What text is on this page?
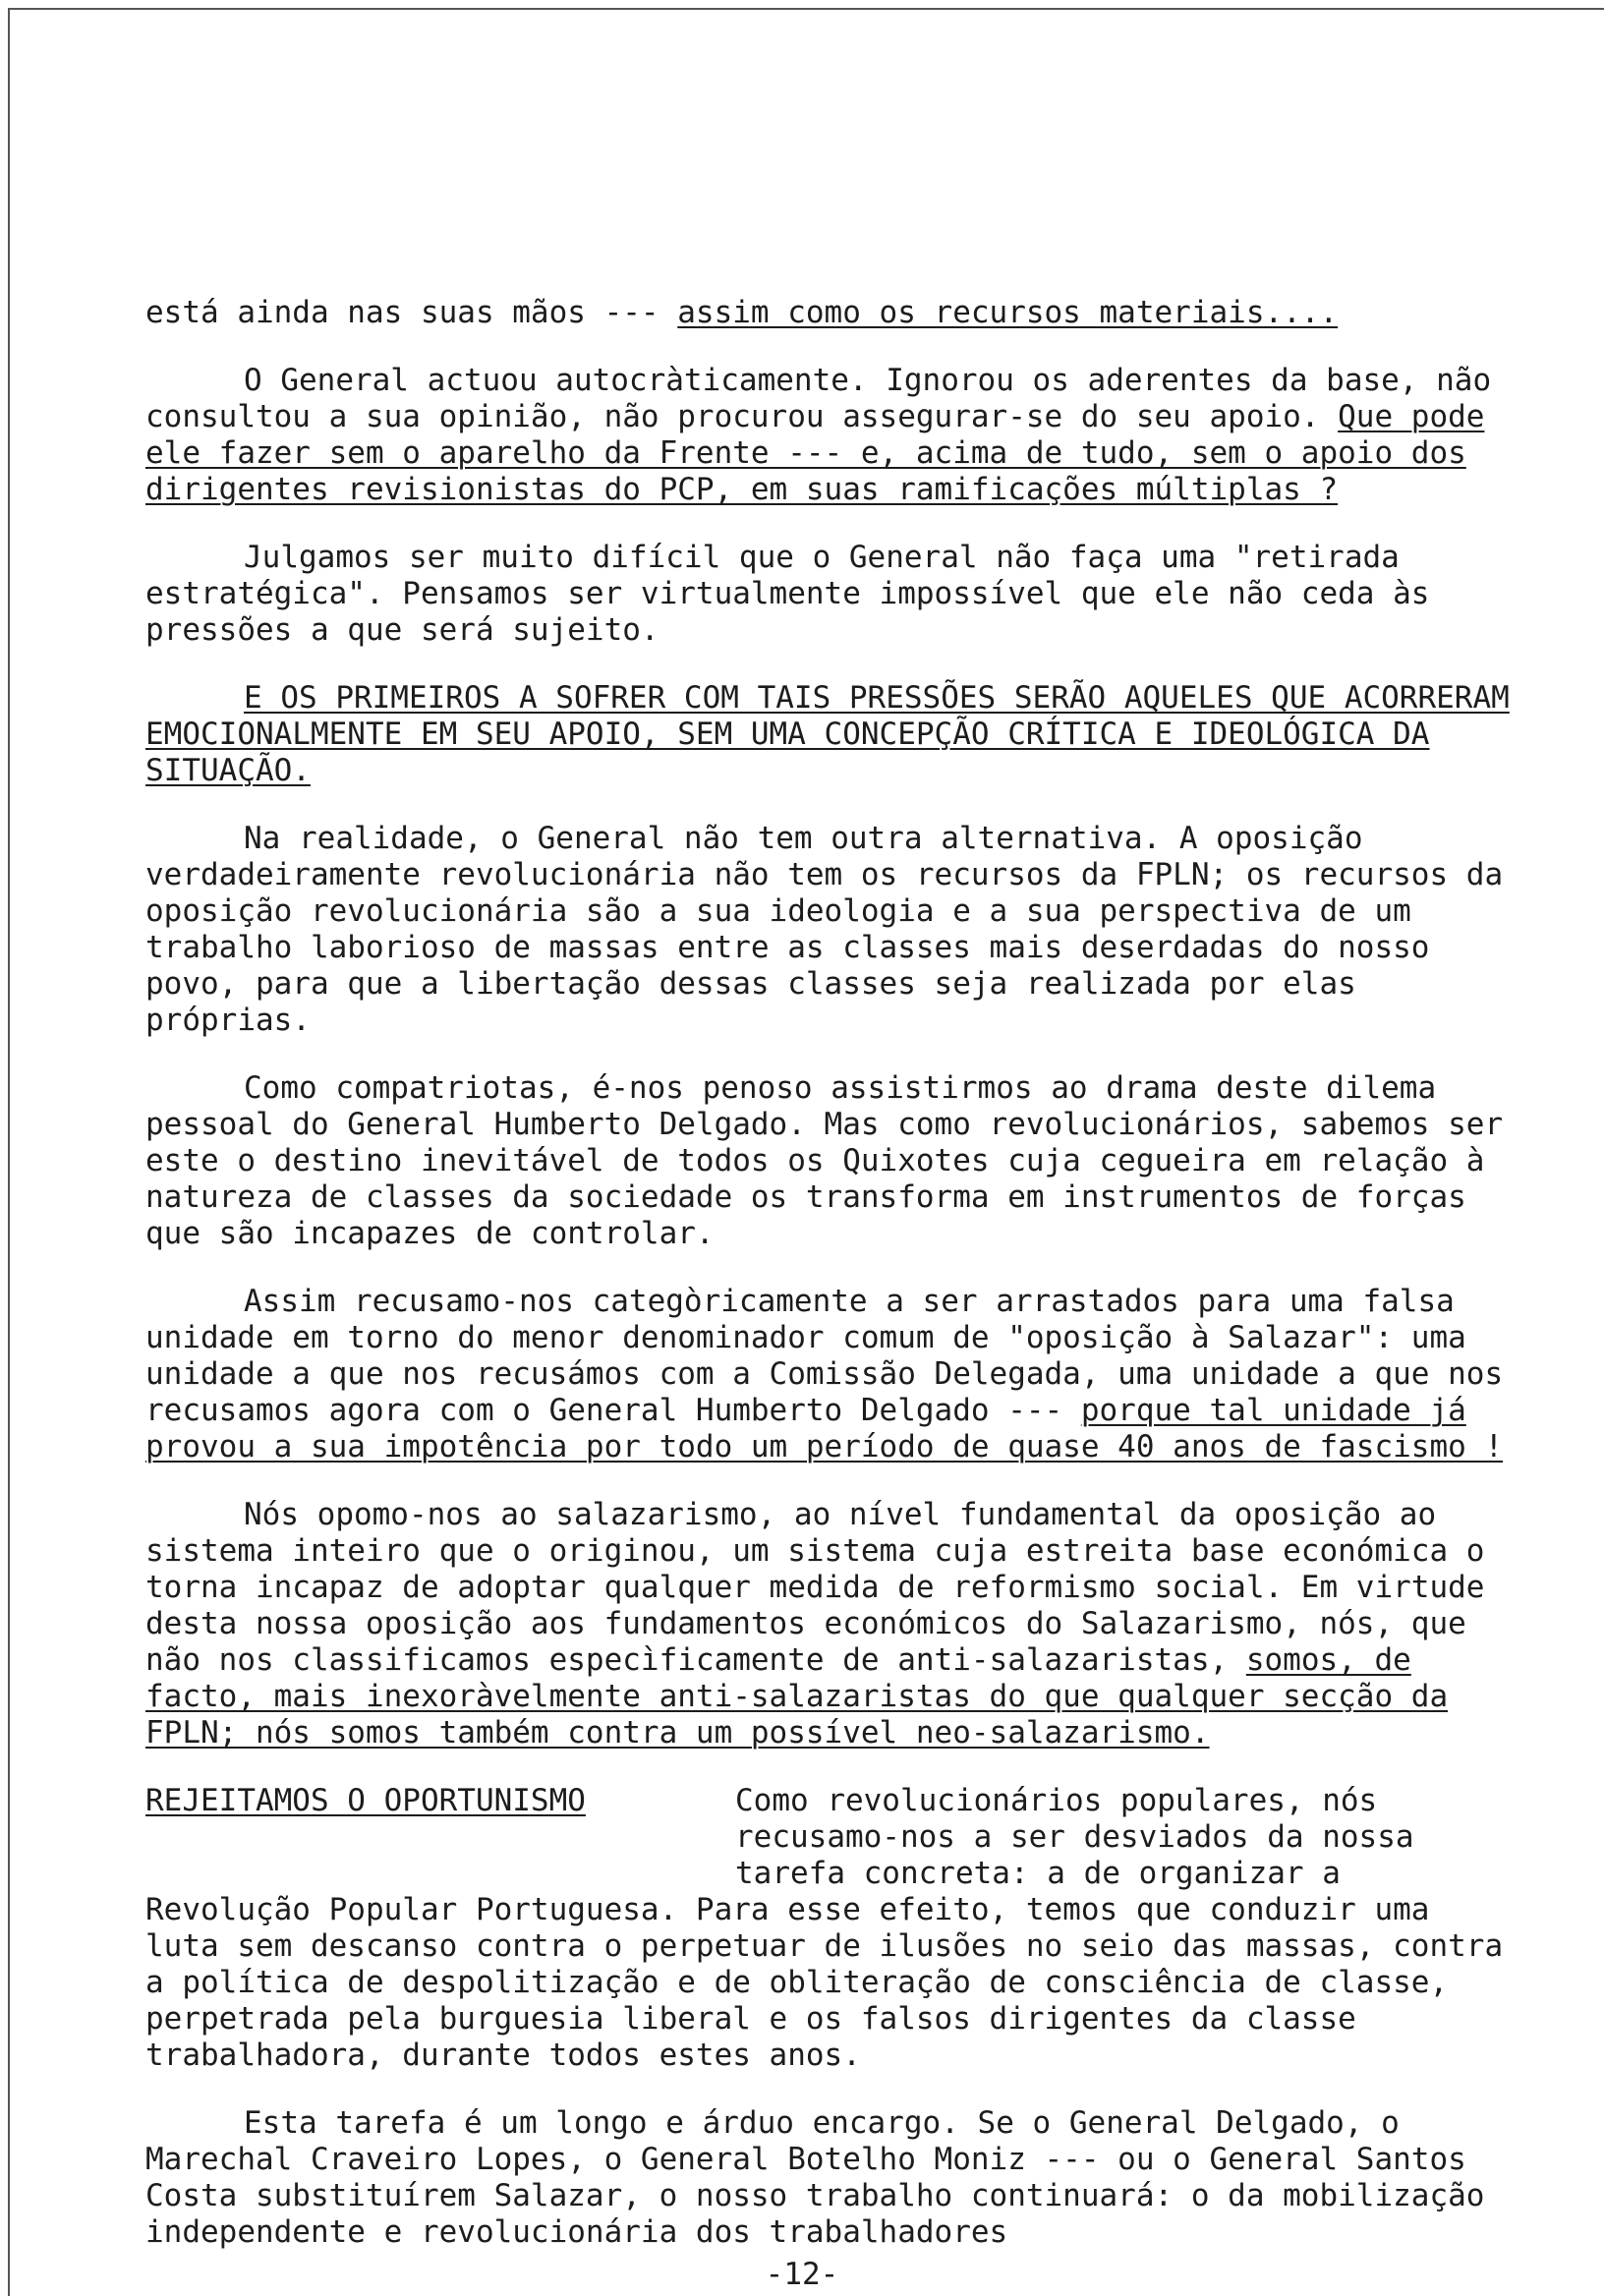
está ainda nas suas mãos --- assim como os recursos materiais....

O General actuou autocràticamente. Ignorou os aderentes da base, não consultou a sua opinião, não procurou assegurar-se do seu apoio. Que pode ele fazer sem o aparelho da Frente --- e, acima de tudo, sem o apoio dos dirigentes revisionistas do PCP, em suas ramificações múltiplas ?

Julgamos ser muito difícil que o General não faça uma "retirada estratégica". Pensamos ser virtualmente impossível que ele não ceda às pressões a que será sujeito.

E OS PRIMEIROS A SOFRER COM TAIS PRESSÕES SERÃO AQUELES QUE ACORRERAM EMOCIONALMENTE EM SEU APOIO, SEM UMA CONCEPÇÃO CRÍTICA E IDEOLÓGICA DA SITUAÇÃO.

Na realidade, o General não tem outra alternativa. A oposição verdadeiramente revolucionária não tem os recursos da FPLN; os recursos da oposição revolucionária são a sua ideologia e a sua perspectiva de um trabalho laborioso de massas entre as classes mais deserdadas do nosso povo, para que a libertação dessas classes seja realizada por elas próprias.

Como compatriotas, é-nos penoso assistirmos ao drama deste dilema pessoal do General Humberto Delgado. Mas como revolucionários, sabemos ser este o destino inevitável de todos os Quixotes cuja cegueira em relação à natureza de classes da sociedade os transforma em instrumentos de forças que são incapazes de controlar.

Assim recusamo-nos categòricamente a ser arrastados para uma falsa unidade em torno do menor denominador comum de "oposição à Salazar": uma unidade a que nos recusámos com a Comissão Delegada, uma unidade a que nos recusamos agora com o General Humberto Delgado --- porque tal unidade já provou a sua impotência por todo um período de quase 40 anos de fascismo !

Nós opomo-nos ao salazarismo, ao nível fundamental da oposição ao sistema inteiro que o originou, um sistema cuja estreita base económica o torna incapaz de adoptar qualquer medida de reformismo social. Em virtude desta nossa oposição aos fundamentos económicos do Salazarismo, nós, que não nos classificamos especìficamente de anti-salazaristas, somos, de facto, mais inexoràvelmente anti-salazaristas do que qualquer secção da FPLN; nós somos também contra um possível neo-salazarismo.

REJEITAMOS O OPORTUNISMO	Como revolucionários populares, nós recusamo-nos a ser desviados da nossa tarefa concreta: a de organizar a

Revolução Popular Portuguesa. Para esse efeito, temos que conduzir uma luta sem descanso contra o perpetuar de ilusões no seio das massas, contra a política de despolitização e de obliteração de consciência de classe, perpetrada pela burguesia liberal e os falsos dirigentes da classe trabalhadora, durante todos estes anos.

Esta tarefa é um longo e árduo encargo. Se o General Delgado, o Marechal Craveiro Lopes, o General Botelho Moniz --- ou o General Santos Costa substituírem Salazar, o nosso trabalho continuará: o da mobilização independente e revolucionária dos trabalhadores

-12-
